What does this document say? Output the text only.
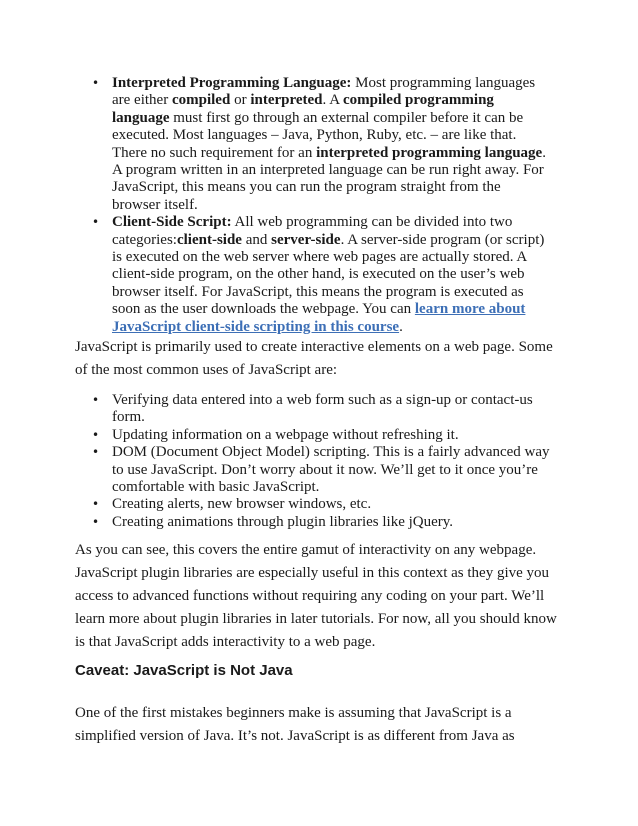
• Interpreted Programming Language: Most programming languages are either compiled or interpreted. A compiled programming language must first go through an external compiler before it can be executed. Most languages – Java, Python, Ruby, etc. – are like that. There no such requirement for an interpreted programming language. A program written in an interpreted language can be run right away. For JavaScript, this means you can run the program straight from the browser itself.
• Client-Side Script: All web programming can be divided into two categories:client-side and server-side. A server-side program (or script) is executed on the web server where web pages are actually stored. A client-side program, on the other hand, is executed on the user’s web browser itself. For JavaScript, this means the program is executed as soon as the user downloads the webpage. You can learn more about JavaScript client-side scripting in this course.

JavaScript is primarily used to create interactive elements on a web page. Some of the most common uses of JavaScript are:

• Verifying data entered into a web form such as a sign-up or contact-us form.
• Updating information on a webpage without refreshing it.
• DOM (Document Object Model) scripting. This is a fairly advanced way to use JavaScript. Don’t worry about it now. We’ll get to it once you’re comfortable with basic JavaScript.
• Creating alerts, new browser windows, etc.
• Creating animations through plugin libraries like jQuery.

As you can see, this covers the entire gamut of interactivity on any webpage. JavaScript plugin libraries are especially useful in this context as they give you access to advanced functions without requiring any coding on your part. We’ll learn more about plugin libraries in later tutorials. For now, all you should know is that JavaScript adds interactivity to a web page.

Caveat: JavaScript is Not Java

One of the first mistakes beginners make is assuming that JavaScript is a simplified version of Java. It’s not. JavaScript is as different from Java as
